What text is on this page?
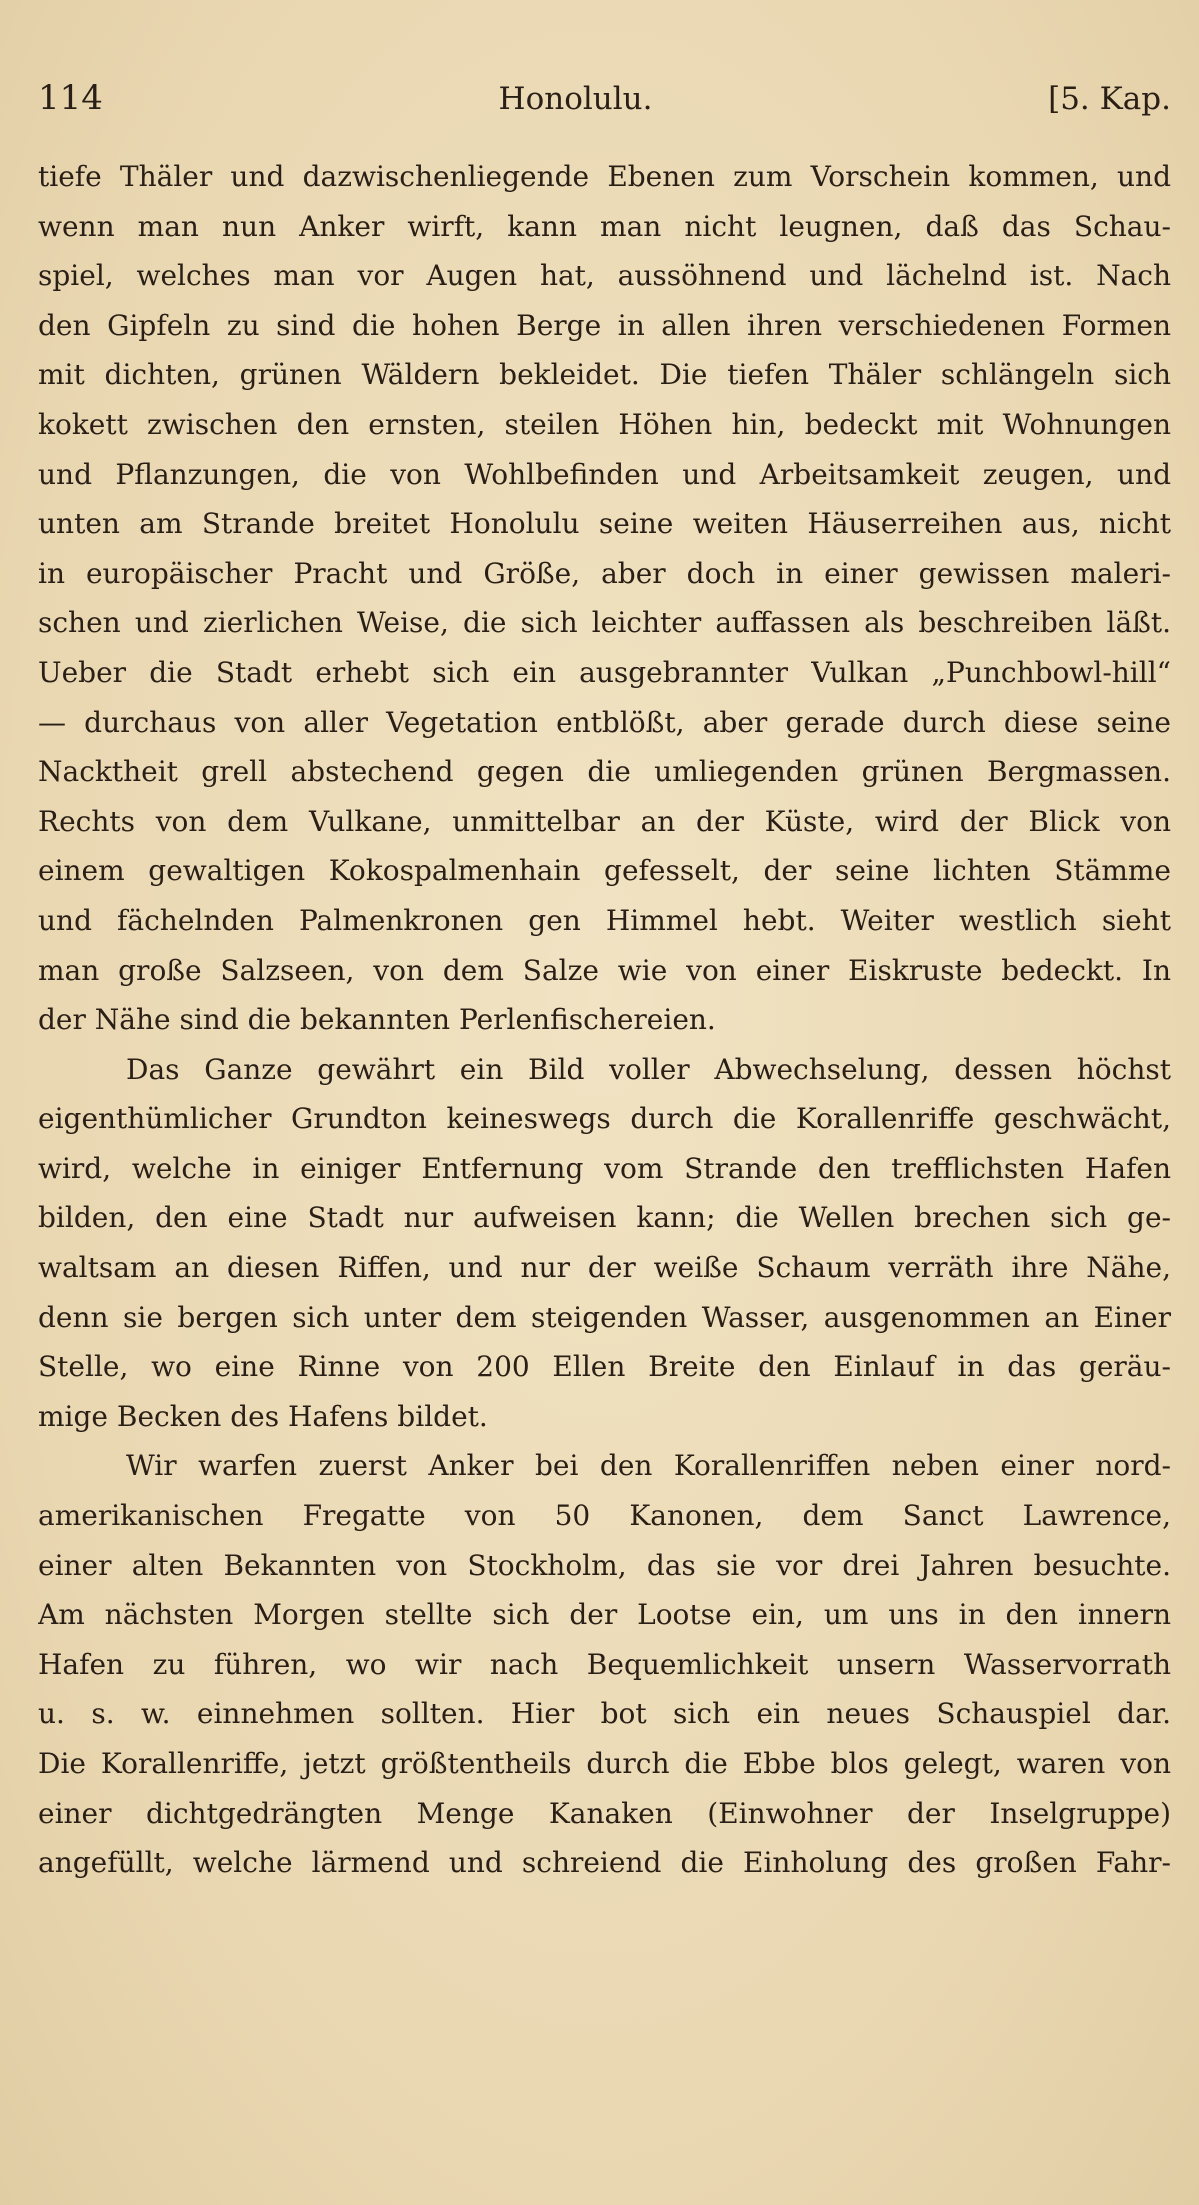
114	Honolulu.	[5. Kap.
tiefe Thäler und dazwischenliegende Ebenen zum Vorschein kommen, und
wenn man nun Anker wirft, kann man nicht leugnen, daß das Schau-
spiel, welches man vor Augen hat, aussöhnend und lächelnd ist. Nach
den Gipfeln zu sind die hohen Berge in allen ihren verschiedenen Formen
mit dichten, grünen Wäldern bekleidet. Die tiefen Thäler schlängeln sich
kokett zwischen den ernsten, steilen Höhen hin, bedeckt mit Wohnungen
und Pflanzungen, die von Wohlbefinden und Arbeitsamkeit zeugen, und
unten am Strande breitet Honolulu seine weiten Häuserreihen aus, nicht
in europäischer Pracht und Größe, aber doch in einer gewissen maleri-
schen und zierlichen Weise, die sich leichter auffassen als beschreiben läßt.
Ueber die Stadt erhebt sich ein ausgebrannter Vulkan „Punchbowl-hill“
— durchaus von aller Vegetation entblößt, aber gerade durch diese seine
Nacktheit grell abstechend gegen die umliegenden grünen Bergmassen.
Rechts von dem Vulkane, unmittelbar an der Küste, wird der Blick von
einem gewaltigen Kokospalmenhain gefesselt, der seine lichten Stämme
und fächelnden Palmenkronen gen Himmel hebt. Weiter westlich sieht
man große Salzseen, von dem Salze wie von einer Eiskruste bedeckt. In
der Nähe sind die bekannten Perlenfischereien.
Das Ganze gewährt ein Bild voller Abwechselung, dessen höchst
eigenthümlicher Grundton keineswegs durch die Korallenriffe geschwächt,
wird, welche in einiger Entfernung vom Strande den trefflichsten Hafen
bilden, den eine Stadt nur aufweisen kann; die Wellen brechen sich ge-
waltsam an diesen Riffen, und nur der weiße Schaum verräth ihre Nähe,
denn sie bergen sich unter dem steigenden Wasser, ausgenommen an Einer
Stelle, wo eine Rinne von 200 Ellen Breite den Einlauf in das geräu-
mige Becken des Hafens bildet.
Wir warfen zuerst Anker bei den Korallenriffen neben einer nord-
amerikanischen Fregatte von 50 Kanonen, dem Sanct Lawrence,
einer alten Bekannten von Stockholm, das sie vor drei Jahren besuchte.
Am nächsten Morgen stellte sich der Lootse ein, um uns in den innern
Hafen zu führen, wo wir nach Bequemlichkeit unsern Wasservorrath
u. s. w. einnehmen sollten. Hier bot sich ein neues Schauspiel dar.
Die Korallenriffe, jetzt größtentheils durch die Ebbe blos gelegt, waren von
einer dichtgedrängten Menge Kanaken (Einwohner der Inselgruppe)
angefüllt, welche lärmend und schreiend die Einholung des großen Fahr-
